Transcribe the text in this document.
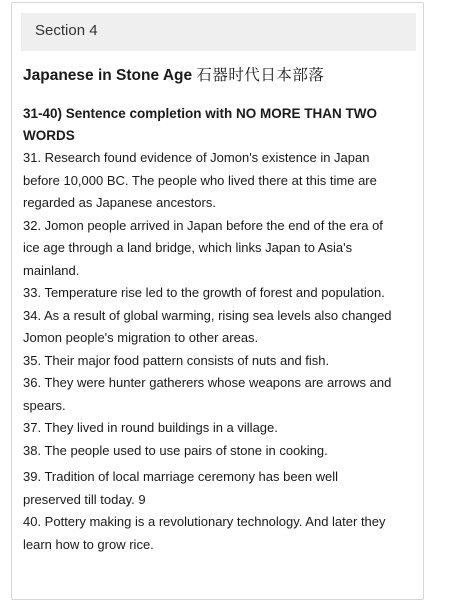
Section 4
Japanese in Stone Age 石器时代日本部落
31-40) Sentence completion with NO MORE THAN TWO WORDS
31. Research found evidence of Jomon's existence in Japan before 10,000 BC. The people who lived there at this time are regarded as Japanese ancestors.
32. Jomon people arrived in Japan before the end of the era of ice age through a land bridge, which links Japan to Asia's mainland.
33. Temperature rise led to the growth of forest and population.
34. As a result of global warming, rising sea levels also changed Jomon people's migration to other areas.
35. Their major food pattern consists of nuts and fish.
36. They were hunter gatherers whose weapons are arrows and spears.
37. They lived in round buildings in a village.
38. The people used to use pairs of stone in cooking.
39. Tradition of local marriage ceremony has been well preserved till today. 9
40. Pottery making is a revolutionary technology. And later they learn how to grow rice.
